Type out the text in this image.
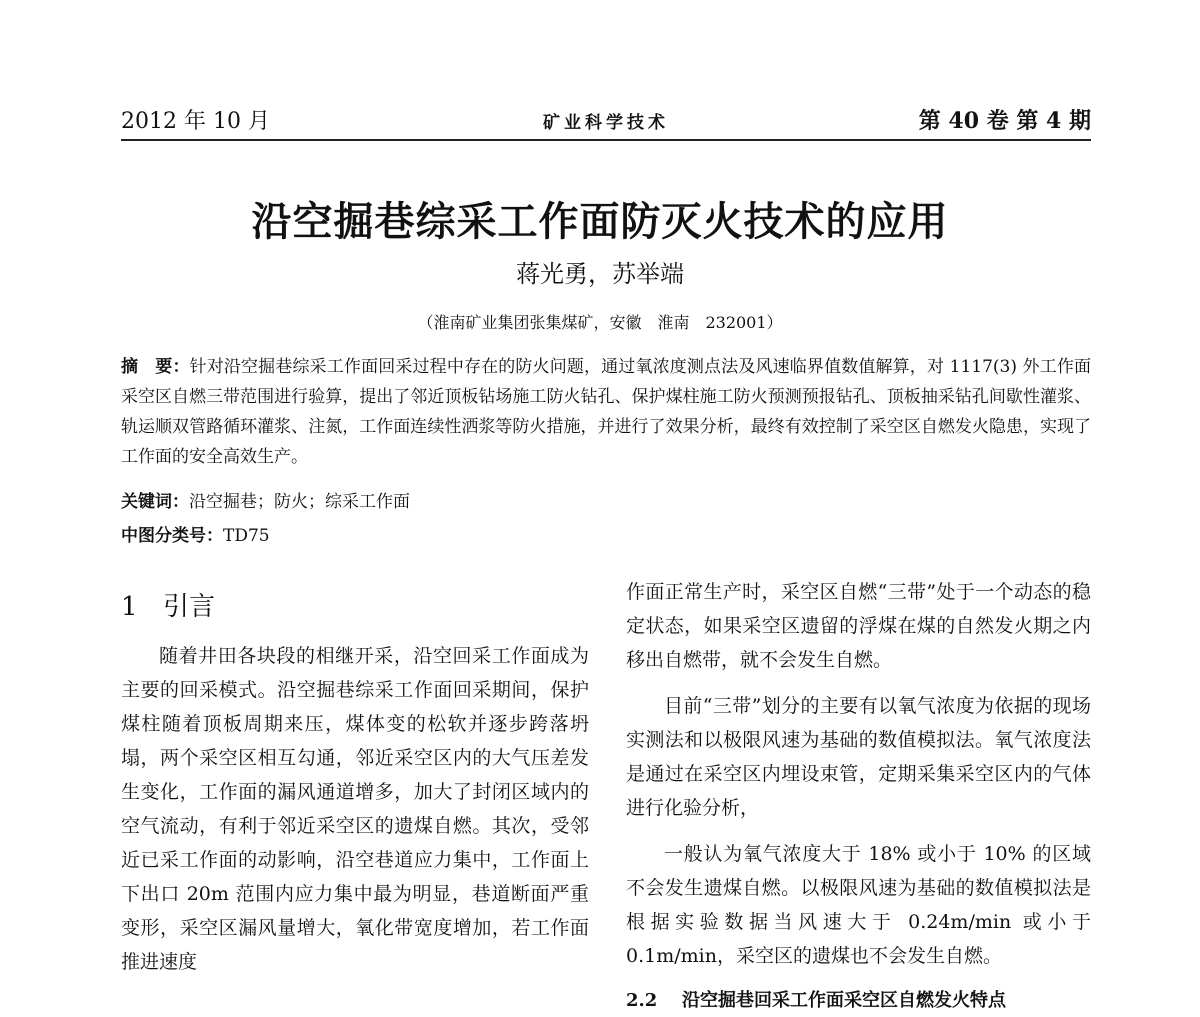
2012 年 10 月	矿业科学技术	第 40 卷 第 4 期
沿空掘巷综采工作面防灭火技术的应用
蒋光勇，苏举端
（淮南矿业集团张集煤矿，安徽　淮南　232001）
摘　要：针对沿空掘巷综采工作面回采过程中存在的防火问题，通过氧浓度测点法及风速临界值数值解算，对 1117(3) 外工作面采空区自燃三带范围进行验算，提出了邻近顶板钻场施工防火钻孔、保护煤柱施工防火预测预报钻孔、顶板抽采钻孔间歇性灌浆、轨运顺双管路循环灌浆、注氮，工作面连续性洒浆等防火措施，并进行了效果分析，最终有效控制了采空区自燃发火隐患，实现了工作面的安全高效生产。
关键词：沿空掘巷；防火；综采工作面
中图分类号：TD75
1 引言

随着井田各块段的相继开采，沿空回采工作面成为主要的回采模式。沿空掘巷综采工作面回采期间，保护煤柱随着顶板周期来压，煤体变的松软并逐步跨落坍塌，两个采空区相互勾通，邻近采空区内的大气压差发生变化，工作面的漏风通道增多，加大了封闭区域内的空气流动，有利于邻近采空区的遗煤自燃。其次，受邻近已采工作面的动影响，沿空巷道应力集中，工作面上下出口 20m 范围内应力集中最为明显，巷道断面严重变形，采空区漏风量增大，氧化带宽度增加，若工作面推进速度

作面正常生产时，采空区自燃“三带”处于一个动态的稳定状态，如果采空区遗留的浮煤在煤的自然发火期之内移出自燃带，就不会发生自燃。

目前“三带”划分的主要有以氧气浓度为依据的现场实测法和以极限风速为基础的数值模拟法。氧气浓度法是通过在采空区内埋设束管，定期采集采空区内的气体进行化验分析，

一般认为氧气浓度大于 18% 或小于 10% 的区域不会发生遗煤自燃。以极限风速为基础的数值模拟法是根据实验数据当风速大于 0.24m/min 或小于 0.1m/min，采空区的遗煤也不会发生自燃。

2.2 沿空掘巷回采工作面采空区自燃发火特点
